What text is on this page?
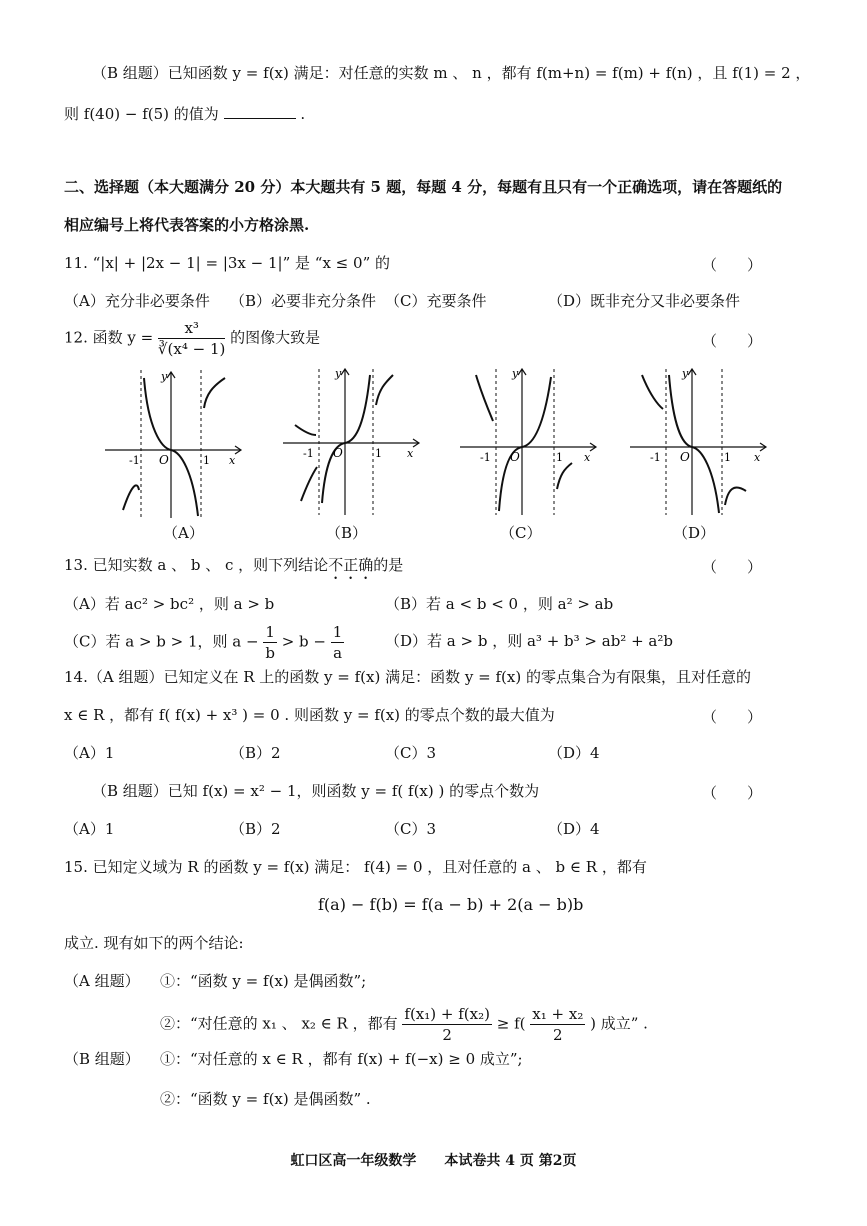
（B 组题）已知函数 y = f(x) 满足：对任意的实数 m 、 n ，都有 f(m+n) = f(m) + f(n) ，且 f(1) = 2 ，
则 f(40) − f(5) 的值为	.
二、选择题（本大题满分 20 分）本大题共有 5 题，每题 4 分，每题有且只有一个正确选项，请在答题纸的
相应编号上将代表答案的小方格涂黑.
11. “|x| + |2x − 1| = |3x − 1|” 是 “x ≤ 0” 的	（　　）
（A）充分非必要条件 （B）必要非充分条件 （C）充要条件	（D）既非充分又非必要条件
12. 函数 $y = \frac{\text{x³}}{\text{∛(x⁴ − 1)}}$ 的图像大致是	（　　）
-1 O	1 x
y
（A）
-1 O	1 x
y
（B）
-1 O	1 x
y
（C）
-1 O	1 x
y
（D）
13. 已知实数 a 、 b 、 c ，则下列结论不正确的是	（　　）
（A）若 ac² > bc² ，则 a > b	（B）若 a < b < 0 ，则 a² > ab
（C）若 a > b > 1，则 $a - \frac{1}{b} > b - \frac{1}{a}$	（D）若 a > b ，则 a³ + b³ > ab² + a²b
14.（A 组题）已知定义在 R 上的函数 y = f(x) 满足：函数 y = f(x) 的零点集合为有限集，且对任意的
x ∈ R ，都有 f( f(x) + x³ ) = 0 . 则函数 y = f(x) 的零点个数的最大值为	（　　）
（A）1	（B）2	（C）3	（D）4
（B 组题）已知 f(x) = x² − 1，则函数 y = f( f(x) ) 的零点个数为	（　　）
（A）1	（B）2	（C）3	（D）4
15. 已知定义域为 R 的函数 y = f(x) 满足： f(4) = 0 ，且对任意的 a 、 b ∈ R ，都有
f(a) − f(b) = f(a − b) + 2(a − b)b
成立. 现有如下的两个结论:
（A 组题） ①：“函数 y = f(x) 是偶函数”;
②：“对任意的 x₁ 、 x₂ ∈ R ，都有 $\frac{\text{f(x₁) + f(x₂)}}{2} \ge f( \frac{\text{x₁ + x₂}}{2}$ ) 成立” .
（B 组题） ①：“对任意的 x ∈ R ，都有 f(x) + f(−x) ≥ 0 成立”;
②：“函数 y = f(x) 是偶函数” .
虹口区高一年级数学　　本试卷共 4 页 第2页
